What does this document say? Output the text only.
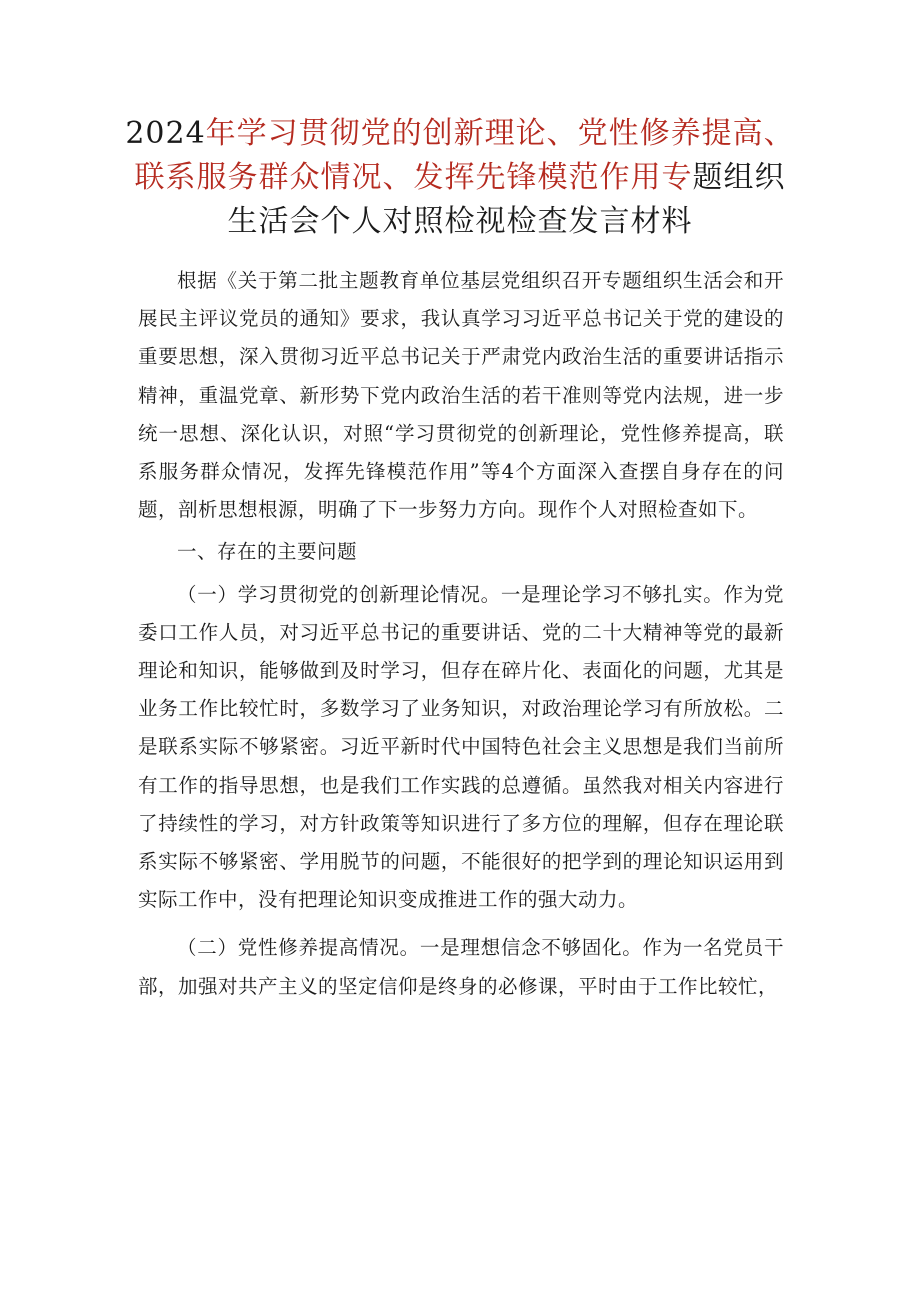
2024年学习贯彻党的创新理论、党性修养提高、联系服务群众情况、发挥先锋模范作用专题组织生活会个人对照检视检查发言材料

根据《关于第二批主题教育单位基层党组织召开专题组织生活会和开展民主评议党员的通知》要求，我认真学习习近平总书记关于党的建设的重要思想，深入贯彻习近平总书记关于严肃党内政治生活的重要讲话指示精神，重温党章、新形势下党内政治生活的若干准则等党内法规，进一步统一思想、深化认识，对照“学习贯彻党的创新理论，党性修养提高，联系服务群众情况，发挥先锋模范作用”等4个方面深入查摆自身存在的问题，剖析思想根源，明确了下一步努力方向。现作个人对照检查如下。

一、存在的主要问题

（一）学习贯彻党的创新理论情况。一是理论学习不够扎实。作为党委口工作人员，对习近平总书记的重要讲话、党的二十大精神等党的最新理论和知识，能够做到及时学习，但存在碎片化、表面化的问题，尤其是业务工作比较忙时，多数学习了业务知识，对政治理论学习有所放松。二是联系实际不够紧密。习近平新时代中国特色社会主义思想是我们当前所有工作的指导思想，也是我们工作实践的总遵循。虽然我对相关内容进行了持续性的学习，对方针政策等知识进行了多方位的理解，但存在理论联系实际不够紧密、学用脱节的问题，不能很好的把学到的理论知识运用到实际工作中，没有把理论知识变成推进工作的强大动力。

（二）党性修养提高情况。一是理想信念不够固化。作为一名党员干部，加强对共产主义的坚定信仰是终身的必修课，平时由于工作比较忙，
